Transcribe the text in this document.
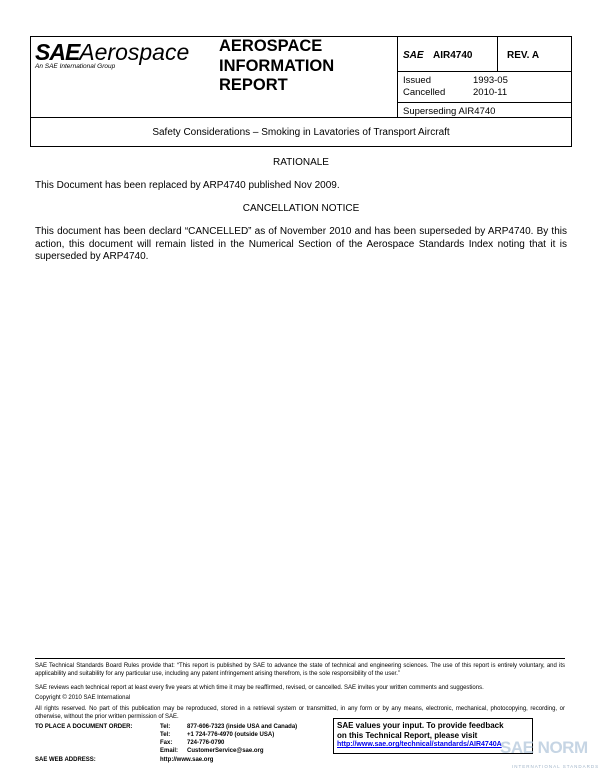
SAEAerospace
An SAE International Group
AEROSPACE
INFORMATION
REPORT
SAE AIR4740	REV. A
Issued	1993-05
Cancelled	2010-11
Superseding AIR4740
Safety Considerations – Smoking in Lavatories of Transport Aircraft
RATIONALE
This Document has been replaced by ARP4740 published Nov 2009.
CANCELLATION NOTICE
This document has been declard “CANCELLED” as of November 2010 and has been superseded by ARP4740. By this action, this document will remain listed in the Numerical Section of the Aerospace Standards Index noting that it is superseded by ARP4740.
SAE Technical Standards Board Rules provide that: “This report is published by SAE to advance the state of technical and engineering sciences. The use of this report is entirely voluntary, and its applicability and suitability for any particular use, including any patent infringement arising therefrom, is the sole responsibility of the user.”
SAE reviews each technical report at least every five years at which time it may be reaffirmed, revised, or cancelled. SAE invites your written comments and suggestions.
Copyright © 2010 SAE International
All rights reserved. No part of this publication may be reproduced, stored in a retrieval system or transmitted, in any form or by any means, electronic, mechanical, photocopying, recording, or otherwise, without the prior written permission of SAE.
TO PLACE A DOCUMENT ORDER:	Tel:	877-606-7323 (inside USA and Canada)
Tel:	+1 724-776-4970 (outside USA)
Fax: 724-776-0790
Email: CustomerService@sae.org
SAE WEB ADDRESS:	http://www.sae.org
SAE values your input. To provide feedback
on this Technical Report, please visit
http://www.sae.org/technical/standards/AIR4740A
SAE NORM
INTERNATIONAL STANDARDS
